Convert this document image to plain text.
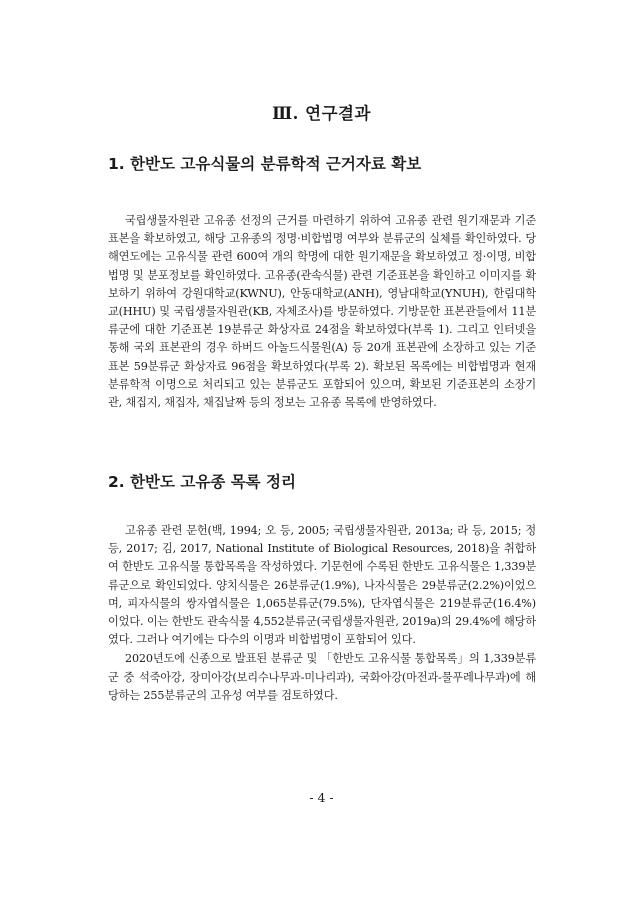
Ⅲ. 연구결과
1. 한반도 고유식물의 분류학적 근거자료 확보

국립생물자원관 고유종 선정의 근거를 마련하기 위하여 고유종 관련 원기재문과 기준표본을 확보하였고, 해당 고유종의 정명·비합법명 여부와 분류군의 실체를 확인하였다. 당해연도에는 고유식물 관련 600여 개의 학명에 대한 원기재문을 확보하였고 정·이명, 비합법명 및 분포정보를 확인하였다. 고유종(관속식물) 관련 기준표본을 확인하고 이미지를 확보하기 위하여 강원대학교(KWNU), 안동대학교(ANH), 영남대학교(YNUH), 한림대학교(HHU) 및 국립생물자원관(KB, 자체조사)를 방문하였다. 기방문한 표본관들에서 11분류군에 대한 기준표본 19분류군 화상자료 24점을 확보하였다(부록 1). 그리고 인터넷을 통해 국외 표본관의 경우 하버드 아놀드식물원(A) 등 20개 표본관에 소장하고 있는 기준표본 59분류군 화상자료 96점을 확보하였다(부록 2). 확보된 목록에는 비합법명과 현재 분류학적 이명으로 처리되고 있는 분류군도 포함되어 있으며, 확보된 기준표본의 소장기관, 채집지, 채집자, 채집날짜 등의 정보는 고유종 목록에 반영하였다.

2. 한반도 고유종 목록 정리

고유종 관련 문헌(백, 1994; 오 등, 2005; 국립생물자원관, 2013a; 라 등, 2015; 정 등, 2017; 김, 2017, National Institute of Biological Resources, 2018)을 취합하여 한반도 고유식물 통합목록을 작성하였다. 기문헌에 수록된 한반도 고유식물은 1,339분류군으로 확인되었다. 양치식물은 26분류군(1.9%), 나자식물은 29분류군(2.2%)이었으며, 피자식물의 쌍자엽식물은 1,065분류군(79.5%), 단자엽식물은 219분류군(16.4%)이었다. 이는 한반도 관속식물 4,552분류군(국립생물자원관, 2019a)의 29.4%에 해당하였다. 그러나 여기에는 다수의 이명과 비합법명이 포함되어 있다.

2020년도에 신종으로 발표된 분류군 및 「한반도 고유식물 통합목록」의 1,339분류군 중 석죽아강, 장미아강(보리수나무과-미나리과), 국화아강(마전과-물푸레나무과)에 해당하는 255분류군의 고유성 여부를 검토하였다.

- 4 -
